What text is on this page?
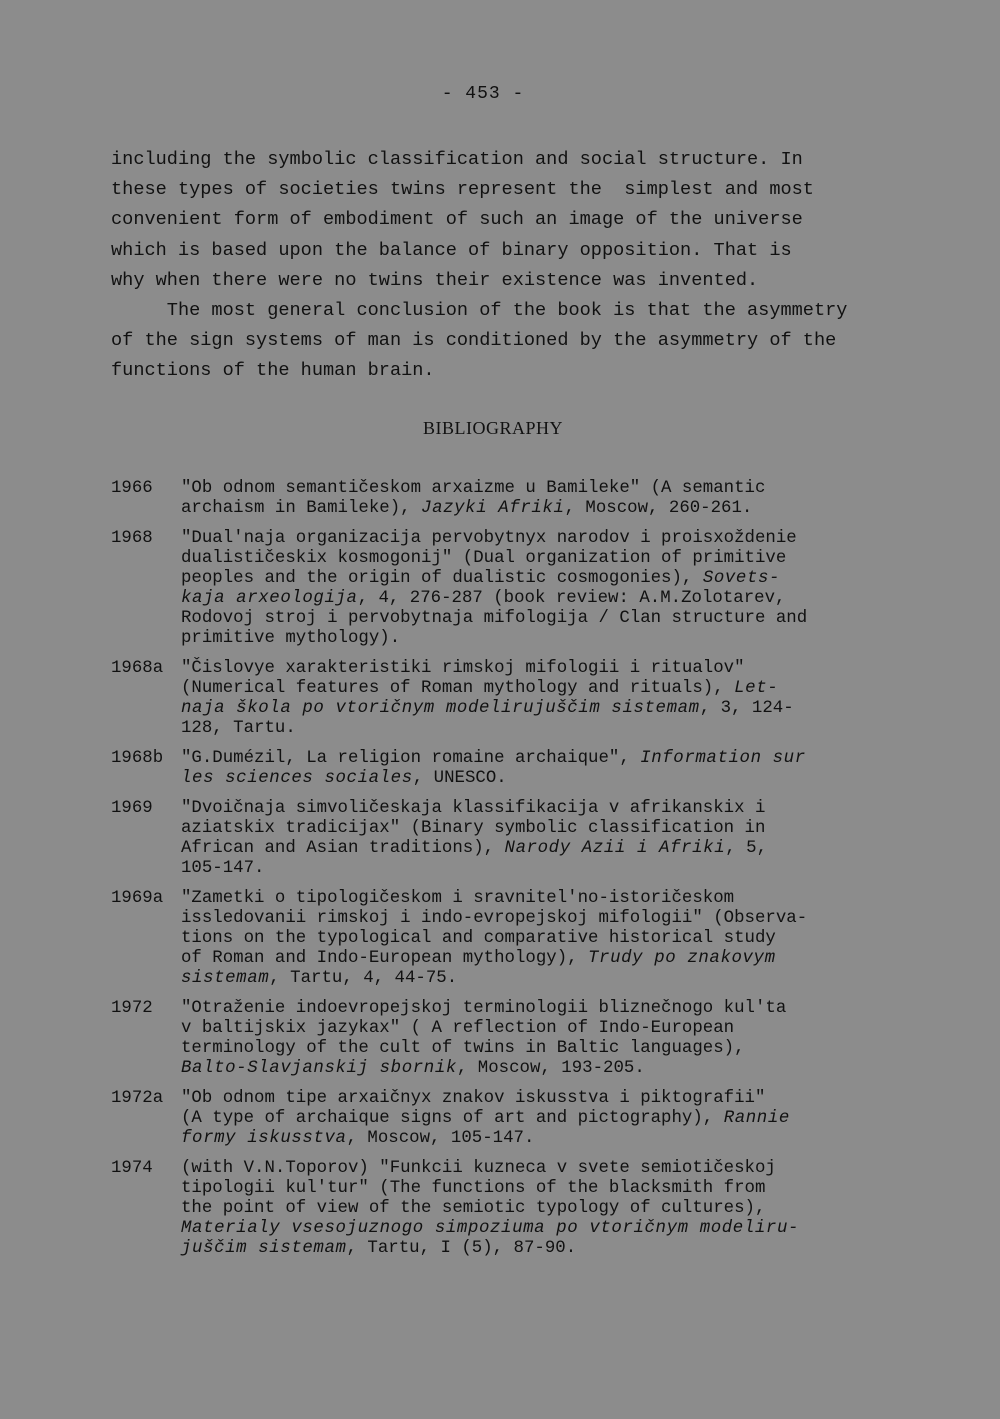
- 453 -

including the symbolic classification and social structure. In

these types of societies twins represent the  simplest and most

convenient form of embodiment of such an image of the universe

which is based upon the balance of binary opposition. That is

why when there were no twins their existence was invented.

The most general conclusion of the book is that the asymmetry

of the sign systems of man is conditioned by the asymmetry of the

functions of the human brain.

BIBLIOGRAPHY
1966	"Ob odnom semantičeskom arxaizme u Bamileke" (A semantic
archaism in Bamileke), Jazyki Afriki, Moscow, 260-261.
1968	"Dual'naja organizacija pervobytnyx narodov i proisxoždenie
dualističeskix kosmogonij" (Dual organization of primitive
peoples and the origin of dualistic cosmogonies), Sovets-
kaja arxeologija, 4, 276-287 (book review: A.M.Zolotarev,
Rodovoj stroj i pervobytnaja mifologija / Clan structure and
primitive mythology).
1968a	"Čislovye xarakteristiki rimskoj mifologii i ritualov"
(Numerical features of Roman mythology and rituals), Let-
naja škola po vtoričnym modelirujuščim sistemam, 3, 124-
128, Tartu.
1968b	"G.Dumézil, La religion romaine archaique", Information sur
les sciences sociales, UNESCO.
1969	"Dvoičnaja simvoličeskaja klassifikacija v afrikanskix i
aziatskix tradicijax" (Binary symbolic classification in
African and Asian traditions), Narody Azii i Afriki, 5,
105-147.
1969a	"Zametki o tipologičeskom i sravnitel'no-istoričeskom
issledovanii rimskoj i indo-evropejskoj mifologii" (Observa-
tions on the typological and comparative historical study
of Roman and Indo-European mythology), Trudy po znakovym
sistemam, Tartu, 4, 44-75.
1972	"Otraženie indoevropejskoj terminologii bliznečnogo kul'ta
v baltijskix jazykax" ( A reflection of Indo-European
terminology of the cult of twins in Baltic languages),
Balto-Slavjanskij sbornik, Moscow, 193-205.
1972a	"Ob odnom tipe arxaičnyx znakov iskusstva i piktografii"
(A type of archaique signs of art and pictography), Rannie
formy iskusstva, Moscow, 105-147.
1974	(with V.N.Toporov) "Funkcii kuzneca v svete semiotičeskoj
tipologii kul'tur" (The functions of the blacksmith from
the point of view of the semiotic typology of cultures),
Materialy vsesojuznogo simpoziuma po vtoričnym modeliru-
juščim sistemam, Tartu, I (5), 87-90.
